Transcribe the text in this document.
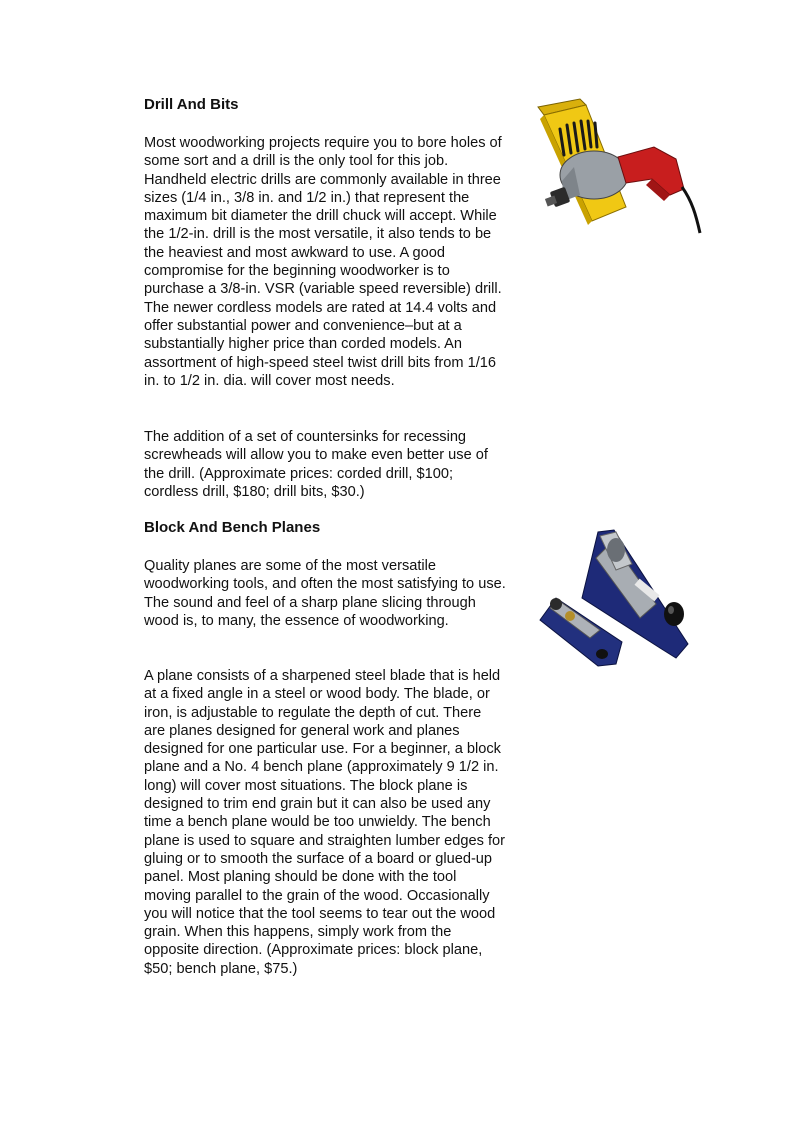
Drill And Bits

Most woodworking projects require you to bore holes of some sort and a drill is the only tool for this job. Handheld electric drills are commonly available in three sizes (1/4 in., 3/8 in. and 1/2 in.) that represent the maximum bit diameter the drill chuck will accept. While the 1/2-in. drill is the most versatile, it also tends to be the heaviest and most awkward to use. A good compromise for the beginning woodworker is to purchase a 3/8-in. VSR (variable speed reversible) drill. The newer cordless models are rated at 14.4 volts and offer substantial power and convenience–but at a substantially higher price than corded models. An assortment of high-speed steel twist drill bits from 1/16 in. to 1/2 in. dia. will cover most needs.

The addition of a set of countersinks for recessing screwheads will allow you to make even better use of the drill. (Approximate prices: corded drill, $100; cordless drill, $180; drill bits, $30.)

Block And Bench Planes

Quality planes are some of the most versatile woodworking tools, and often the most satisfying to use. The sound and feel of a sharp plane slicing through wood is, to many, the essence of woodworking.

A plane consists of a sharpened steel blade that is held at a fixed angle in a steel or wood body. The blade, or iron, is adjustable to regulate the depth of cut. There are planes designed for general work and planes designed for one particular use. For a beginner, a block plane and a No. 4 bench plane (approximately 9 1/2 in. long) will cover most situations. The block plane is designed to trim end grain but it can also be used any time a bench plane would be too unwieldy. The bench plane is used to square and straighten lumber edges for gluing or to smooth the surface of a board or glued-up panel. Most planing should be done with the tool moving parallel to the grain of the wood. Occasionally you will notice that the tool seems to tear out the wood grain. When this happens, simply work from the opposite direction. (Approximate prices: block plane, $50; bench plane, $75.)
